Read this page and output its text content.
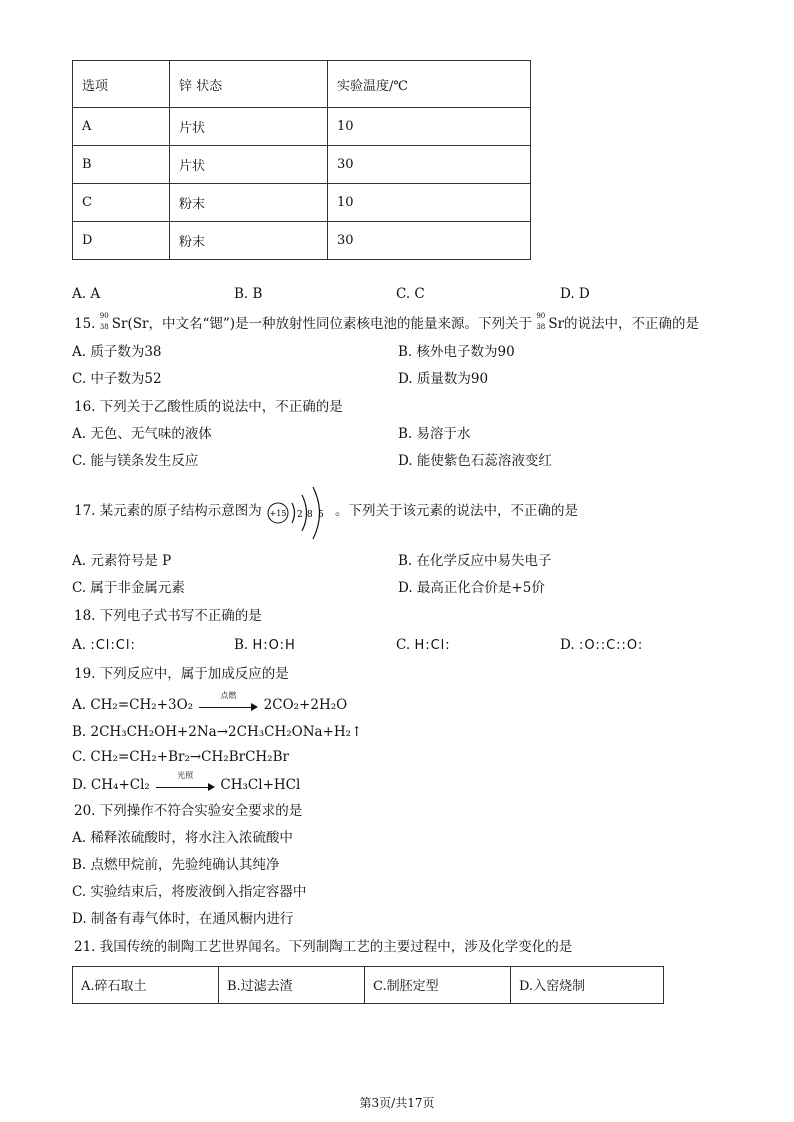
选项	锌 状态	实验温度/℃
A	片状	10
B	片状	30
C	粉末	10
D	粉末	30
A. A	B. B	C. C	D. D
15. 90
38 Sr(Sr，中文名“锶”)是一种放射性同位素核电池的能量来源。下列关于 90
38 Sr的说法中，不正确的是
A. 质子数为38	B. 核外电子数为90
C. 中子数为52	D. 质量数为90
16. 下列关于乙酸性质的说法中，不正确的是
A. 无色、无气味的液体	B. 易溶于水
C. 能与镁条发生反应	D. 能使紫色石蕊溶液变红
17. 某元素的原子结构示意图为 +15 2 8 5 。下列关于该元素的说法中，不正确的是
A. 元素符号是 P	B. 在化学反应中易失电子
C. 属于非金属元素	D. 最高正化合价是+5价
18. 下列电子式书写不正确的是
A. :Cl:Cl:	B. H:O:H	C. H:Cl:	D. :O::C::O:
19. 下列反应中，属于加成反应的是
A. CH₂=CH₂+3O₂
点燃
2CO₂+2H₂O
B. 2CH₃CH₂OH+2Na→2CH₃CH₂ONa+H₂↑
C. CH₂=CH₂+Br₂→CH₂BrCH₂Br
D. CH₄+Cl₂
光照
CH₃Cl+HCl
20. 下列操作不符合实验安全要求的是
A. 稀释浓硫酸时，将水注入浓硫酸中
B. 点燃甲烷前，先验纯确认其纯净
C. 实验结束后，将废液倒入指定容器中
D. 制备有毒气体时，在通风橱内进行
21. 我国传统的制陶工艺世界闻名。下列制陶工艺的主要过程中，涉及化学变化的是
A.碎石取土	B.过滤去渣	C.制胚定型	D.入窑烧制
第3页/共17页
